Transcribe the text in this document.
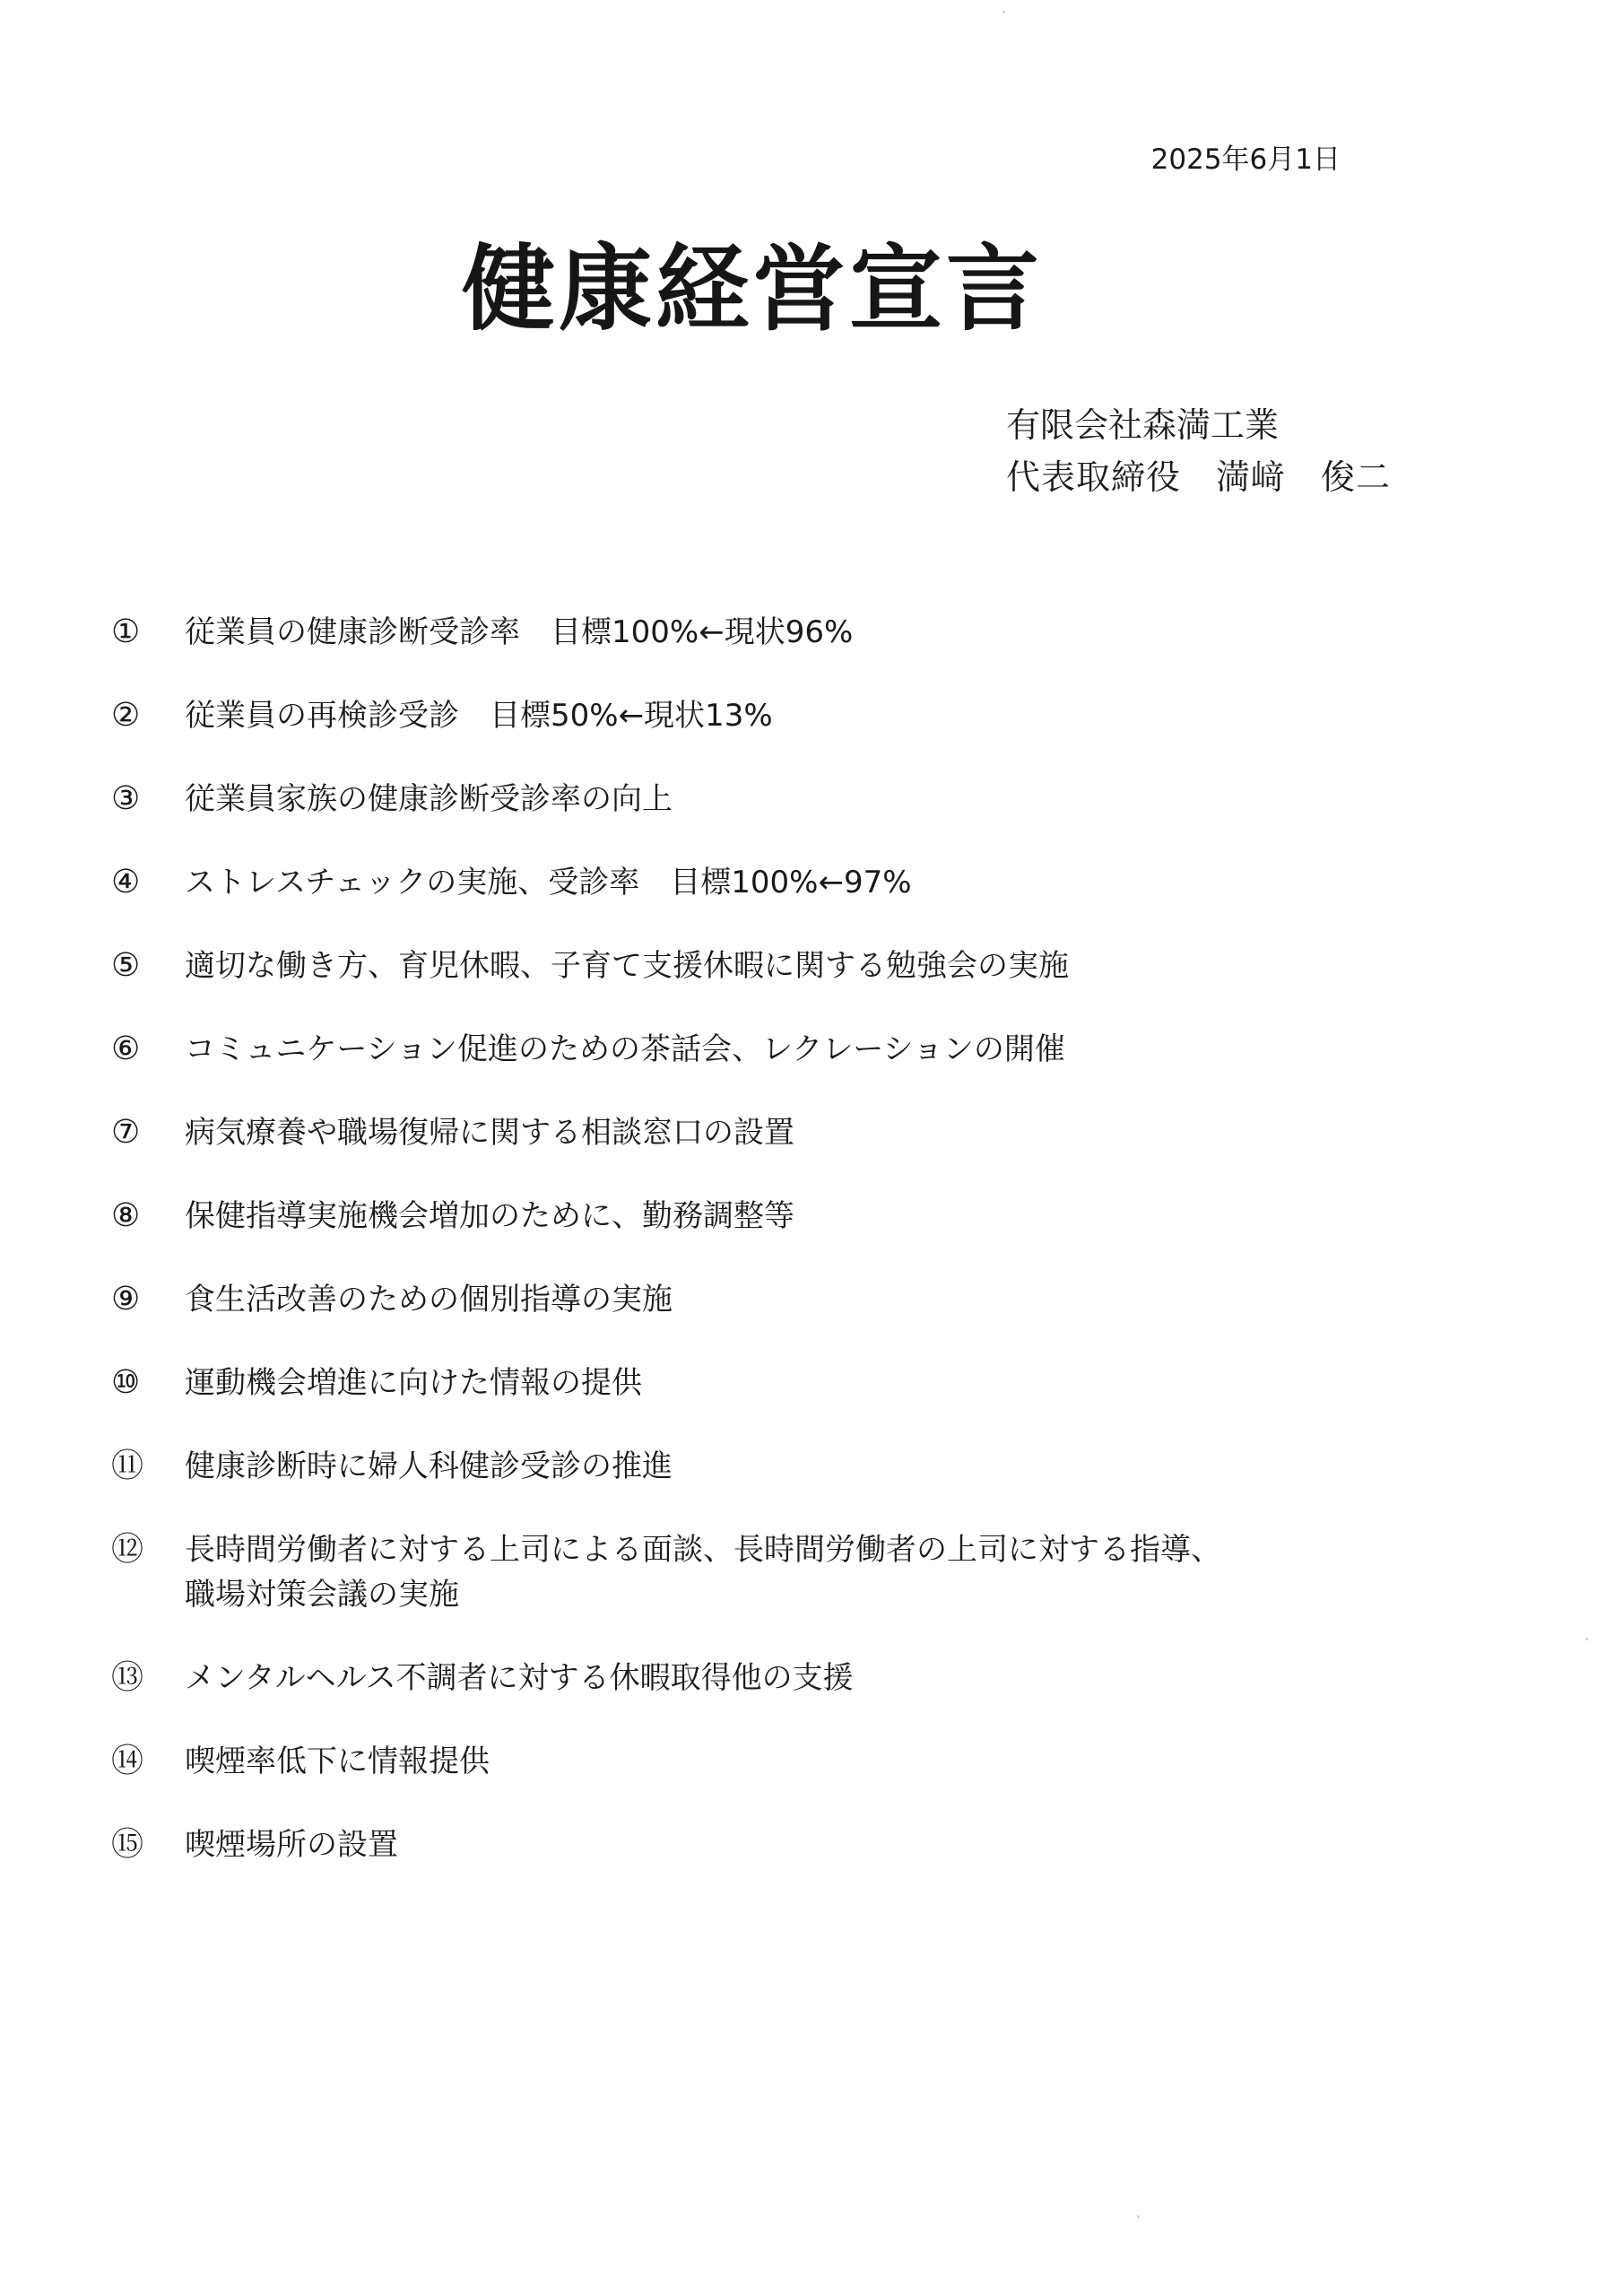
2025年6月1日
健康経営宣言
有限会社森満工業
代表取締役　満﨑　俊二
①	従業員の健康診断受診率　目標100%←現状96%
②	従業員の再検診受診　目標50%←現状13%
③	従業員家族の健康診断受診率の向上
④	ストレスチェックの実施、受診率　目標100%←97%
⑤	適切な働き方、育児休暇、子育て支援休暇に関する勉強会の実施
⑥	コミュニケーション促進のための茶話会、レクレーションの開催
⑦	病気療養や職場復帰に関する相談窓口の設置
⑧	保健指導実施機会増加のために、勤務調整等
⑨	食生活改善のための個別指導の実施
⑩	運動機会増進に向けた情報の提供
⑪	健康診断時に婦人科健診受診の推進
⑫	長時間労働者に対する上司による面談、長時間労働者の上司に対する指導、
職場対策会議の実施
⑬	メンタルヘルス不調者に対する休暇取得他の支援
⑭	喫煙率低下に情報提供
⑮	喫煙場所の設置
